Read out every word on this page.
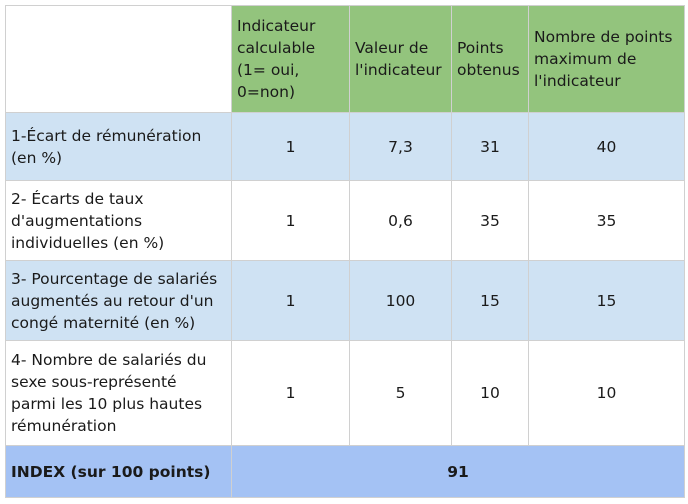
	Indicateur calculable (1= oui, 0=non)	Valeur de l'indicateur	Points obtenus	Nombre de points maximum de l'indicateur
1-Écart de rémunération (en %)	1	7,3	31	40
2- Écarts de taux d'augmentations individuelles (en %)	1	0,6	35	35
3- Pourcentage de salariés augmentés au retour d'un congé maternité (en %)	1	100	15	15
4- Nombre de salariés du sexe sous-représenté parmi les 10 plus hautes rémunération	1	5	10	10
INDEX (sur 100 points)	91			
